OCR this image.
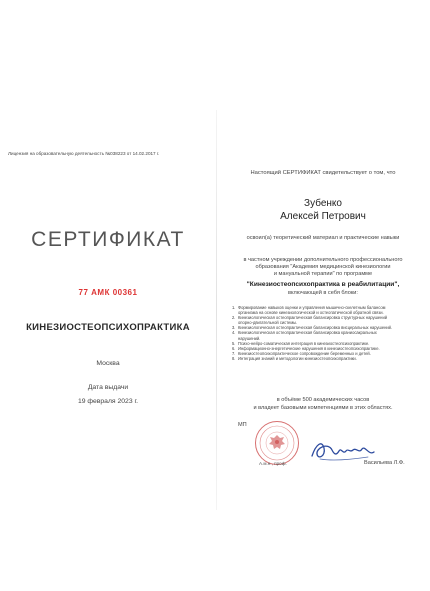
Лицензия на образовательную деятельность №038223 от 14.02.2017 г.
СЕРТИФИКАТ
77 АМК 00361
КИНЕЗИОСТЕОПСИХОПРАКТИКА
Москва
Дата выдачи
19 февраля 2023 г.
Настоящий СЕРТИФИКАТ свидетельствует о том, что
Зубенко
Алексей Петрович
освоил(а) теоретический материал и практические навыки
в частном учреждении дополнительного профессионального
образования "Академия медицинской кинезиологии
и мануальной терапии" по программе
"Кинезиостеопсихопрактика в реабилитации",
включающей в себя блоки:
1. Формирование навыков оценки и управления мышечно-скелетным балансом организма на основе кинезиологической и остеопатической обратной связи.
2. Кинезиологическая остеопрактическая балансировка структурных нарушений опорно-двигательной системы.
3. Кинезиологическая остеопрактическая балансировка висцеральных нарушений.
4. Кинезиологическая остеопрактическая балансировка краниосакральных нарушений.
5. Психо-нейро-соматическая интеграция в кинезиостеопсихопрактике.
6. Информационно-энергетические нарушения в кинезиостеопсихопрактике.
7. Кинезиостеопсихопрактическое сопровождение беременных и детей.
8. Интеграция знаний и методологии кинезиостеопсихопрактики.
в объёме 500 академических часов
и владеет базовыми компетенциями в этих областях.
МП
А.м.н., проф.	Васильева Л.Ф.
